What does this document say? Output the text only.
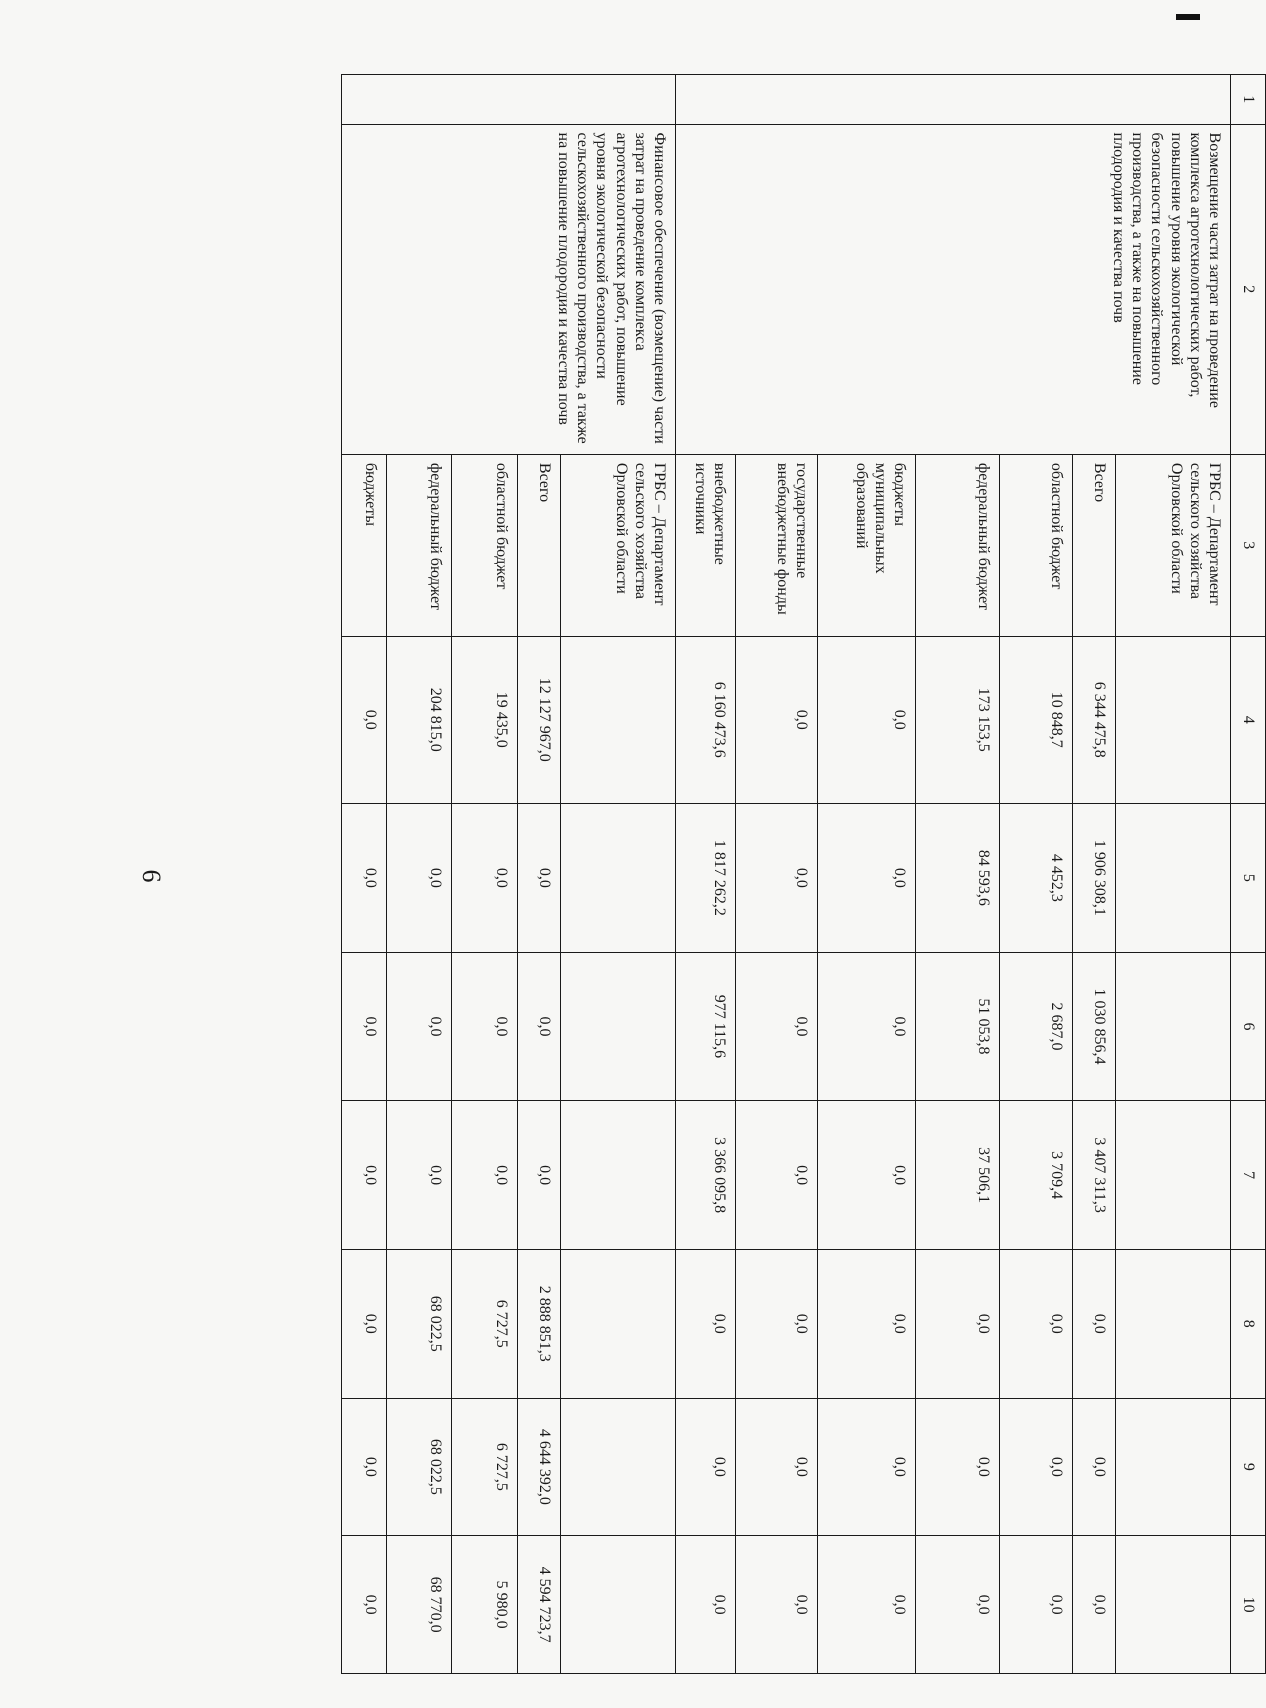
1	2	3	4	5	6	7	8	9	10
	Возмещение части затрат на проведение комплекса агротехнологических работ, повышение уровня экологической безопасности сельскохозяйственного производства, а также на повышение плодородия и качества почв	ГРБС – Департамент сельского хозяйства Орловской области							
		Всего	6 344 475,8	1 906 308,1	1 030 856,4	3 407 311,3	0,0	0,0	0,0
		областной бюджет	10 848,7	4 452,3	2 687,0	3 709,4	0,0	0,0	0,0
		федеральный бюджет	173 153,5	84 593,6	51 053,8	37 506,1	0,0	0,0	0,0
		бюджеты муниципальных образований	0,0	0,0	0,0	0,0	0,0	0,0	0,0
		государственные внебюджетные фонды	0,0	0,0	0,0	0,0	0,0	0,0	0,0
		внебюджетные источники	6 160 473,6	1 817 262,2	977 115,6	3 366 095,8	0,0	0,0	0,0
	Финансовое обеспечение (возмещение) части затрат на проведение комплекса агротехнологических работ, повышение уровня экологической безопасности сельскохозяйственного производства, а также на повышение плодородия и качества почв	ГРБС – Департамент сельского хозяйства Орловской области							
		Всего	12 127 967,0	0,0	0,0	0,0	2 888 851,3	4 644 392,0	4 594 723,7
		областной бюджет	19 435,0	0,0	0,0	0,0	6 727,5	6 727,5	5 980,0
		федеральный бюджет	204 815,0	0,0	0,0	0,0	68 022,5	68 022,5	68 770,0
		бюджеты	0,0	0,0	0,0	0,0	0,0	0,0	0,0
6
